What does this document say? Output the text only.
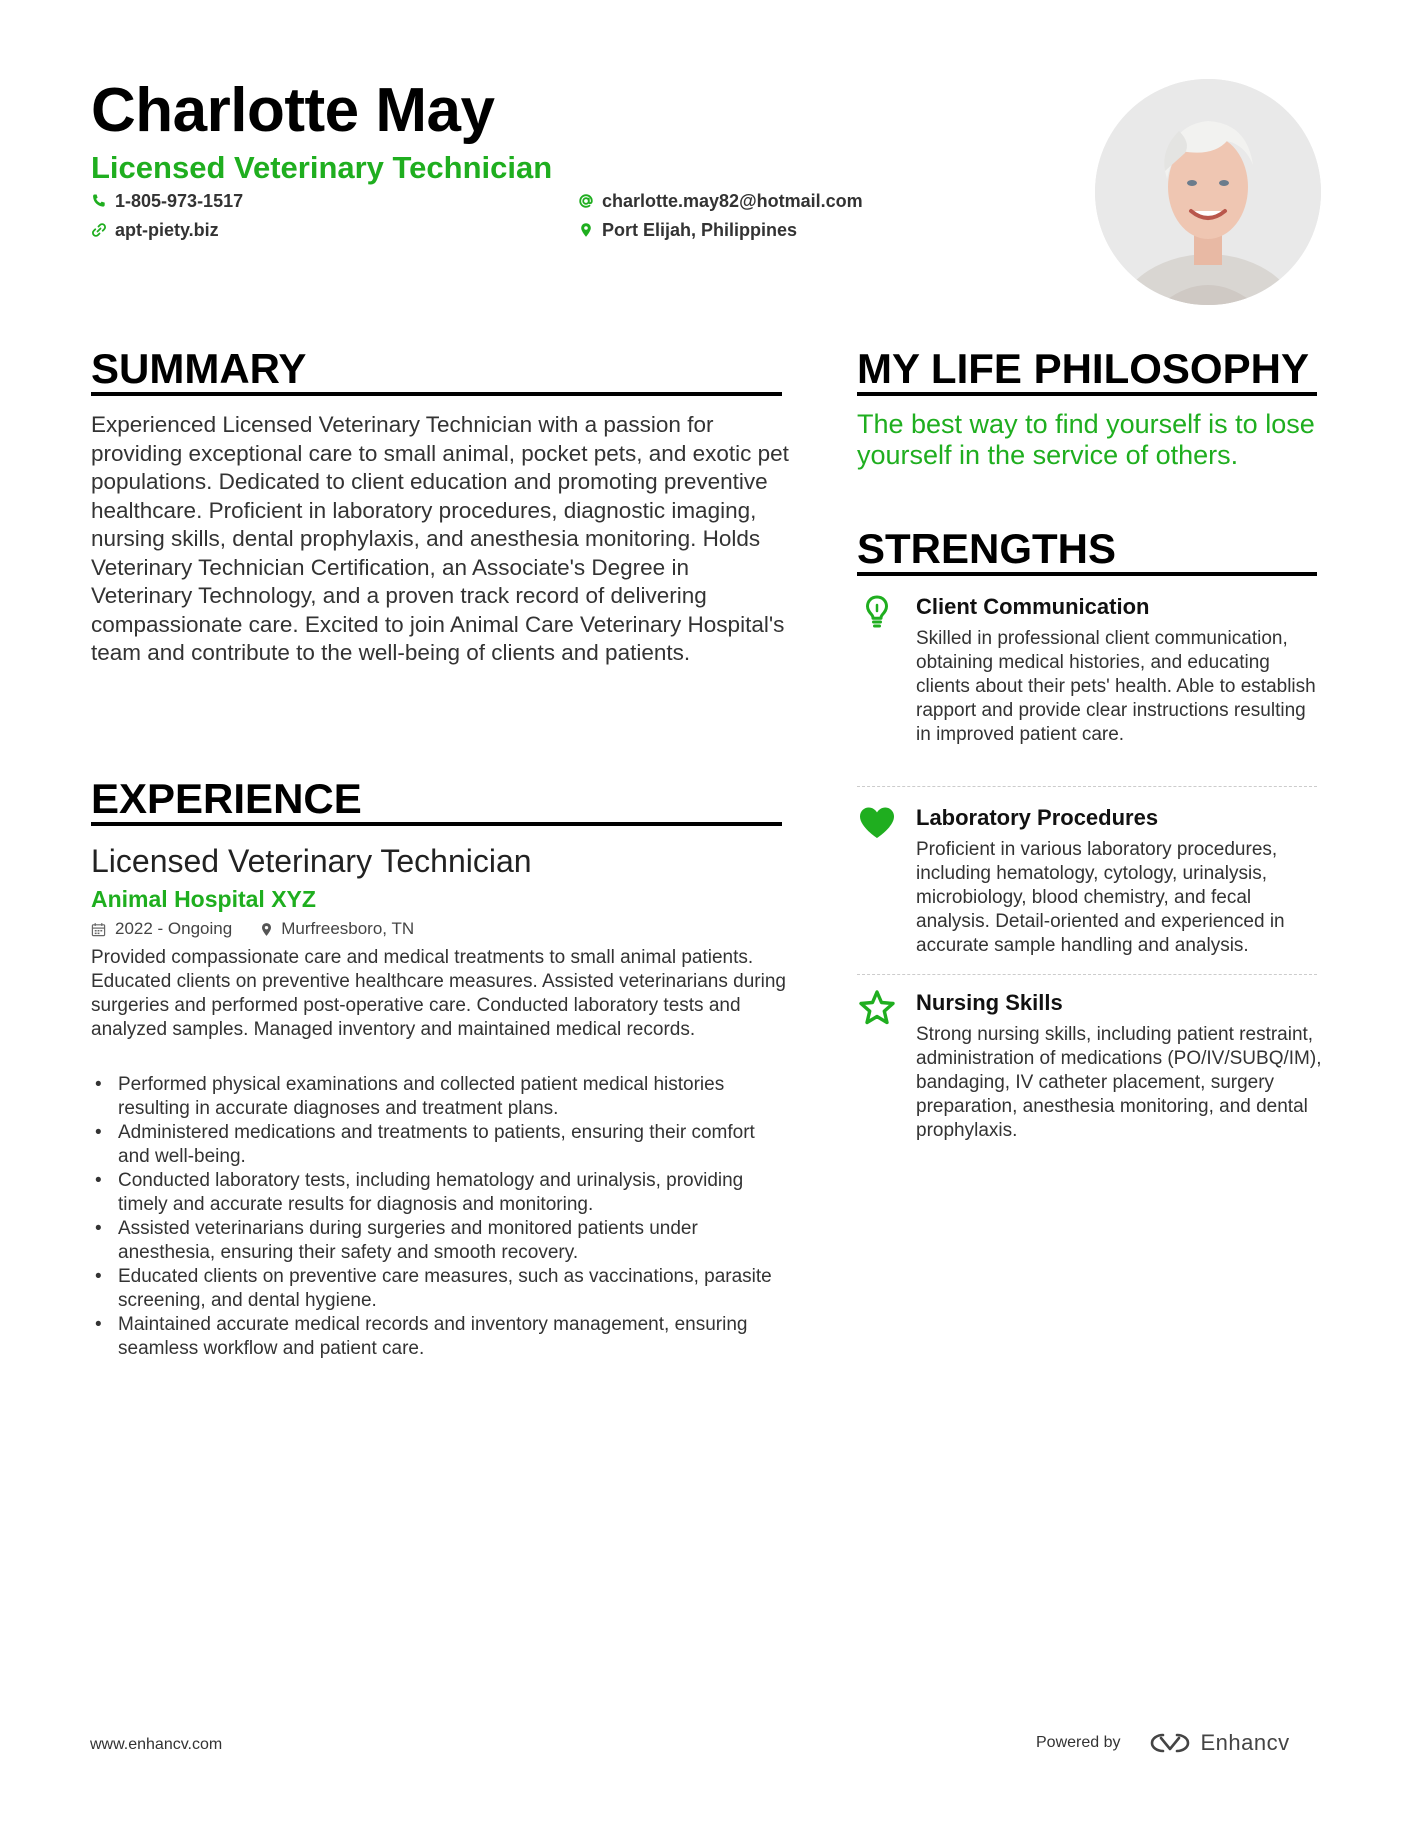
Charlotte May
Licensed Veterinary Technician
1-805-973-1517
apt-piety.biz
charlotte.may82@hotmail.com
Port Elijah, Philippines
SUMMARY
Experienced Licensed Veterinary Technician with a passion for providing exceptional care to small animal, pocket pets, and exotic pet populations. Dedicated to client education and promoting preventive healthcare. Proficient in laboratory procedures, diagnostic imaging, nursing skills, dental prophylaxis, and anesthesia monitoring. Holds Veterinary Technician Certification, an Associate's Degree in Veterinary Technology, and a proven track record of delivering compassionate care. Excited to join Animal Care Veterinary Hospital's team and contribute to the well-being of clients and patients.
EXPERIENCE
Licensed Veterinary Technician
Animal Hospital XYZ
2022 - Ongoing	Murfreesboro, TN
Provided compassionate care and medical treatments to small animal patients. Educated clients on preventive healthcare measures. Assisted veterinarians during surgeries and performed post-operative care. Conducted laboratory tests and analyzed samples. Managed inventory and maintained medical records.
• Performed physical examinations and collected patient medical histories resulting in accurate diagnoses and treatment plans.
• Administered medications and treatments to patients, ensuring their comfort and well-being.
• Conducted laboratory tests, including hematology and urinalysis, providing timely and accurate results for diagnosis and monitoring.
• Assisted veterinarians during surgeries and monitored patients under anesthesia, ensuring their safety and smooth recovery.
• Educated clients on preventive care measures, such as vaccinations, parasite screening, and dental hygiene.
• Maintained accurate medical records and inventory management, ensuring seamless workflow and patient care.
MY LIFE PHILOSOPHY
The best way to find yourself is to lose yourself in the service of others.
STRENGTHS
Client Communication
Skilled in professional client communication, obtaining medical histories, and educating clients about their pets' health. Able to establish rapport and provide clear instructions resulting in improved patient care.
Laboratory Procedures
Proficient in various laboratory procedures, including hematology, cytology, urinalysis, microbiology, blood chemistry, and fecal analysis. Detail-oriented and experienced in accurate sample handling and analysis.
Nursing Skills
Strong nursing skills, including patient restraint, administration of medications (PO/IV/SUBQ/IM), bandaging, IV catheter placement, surgery preparation, anesthesia monitoring, and dental prophylaxis.
www.enhancv.com	Powered by	Enhancv
